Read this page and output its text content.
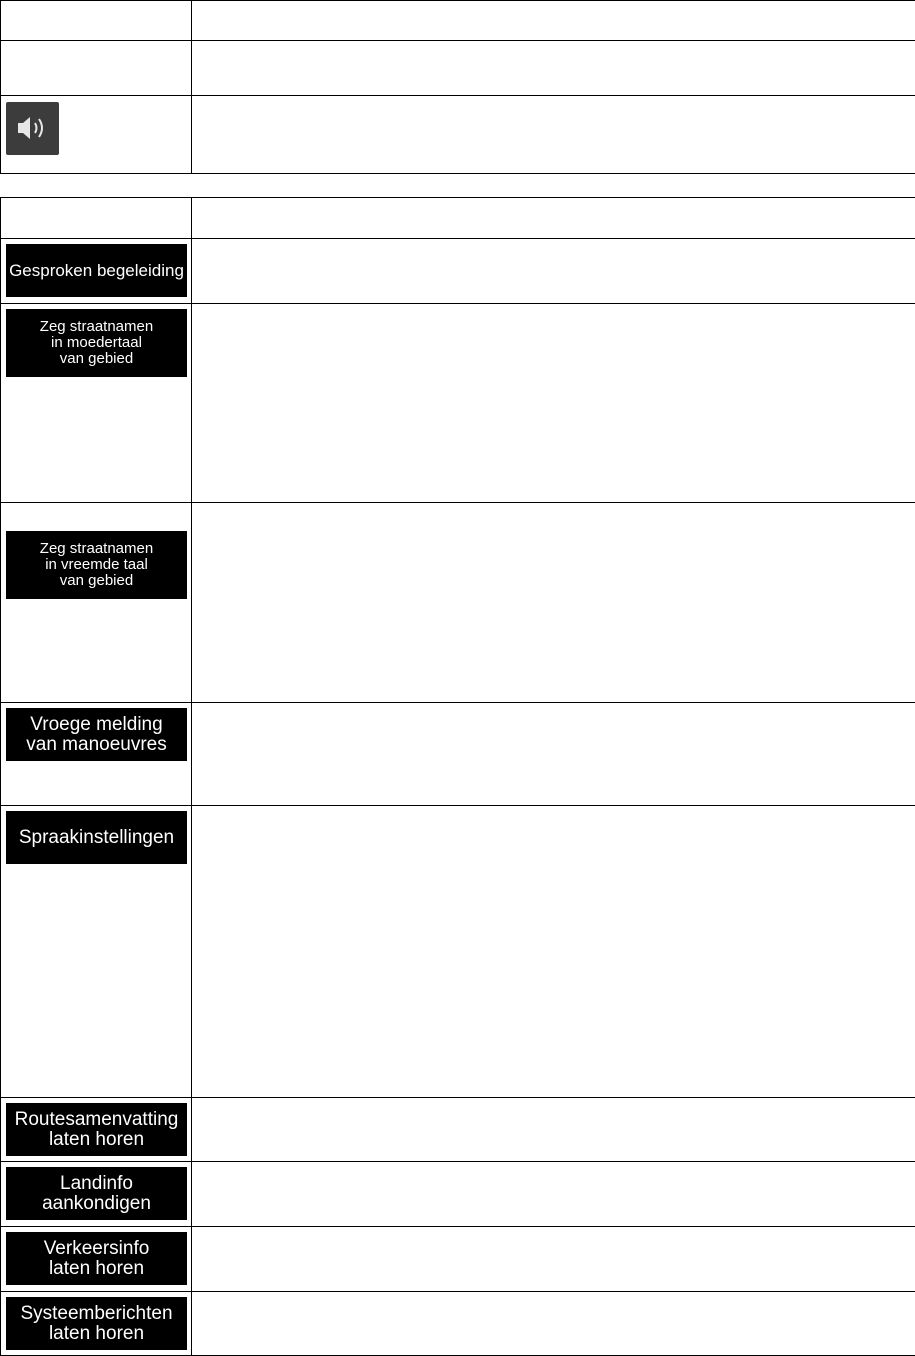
Gesproken begeleiding	

Zeg straatnamen
in moedertaal
van gebied	

Zeg straatnamen
in vreemde taal
van gebied	

Vroege melding
van manoeuvres	

Spraakinstellingen	

Routesamenvatting
laten horen	

Landinfo
aankondigen	

Verkeersinfo
laten horen	

Systeemberichten
laten horen	
